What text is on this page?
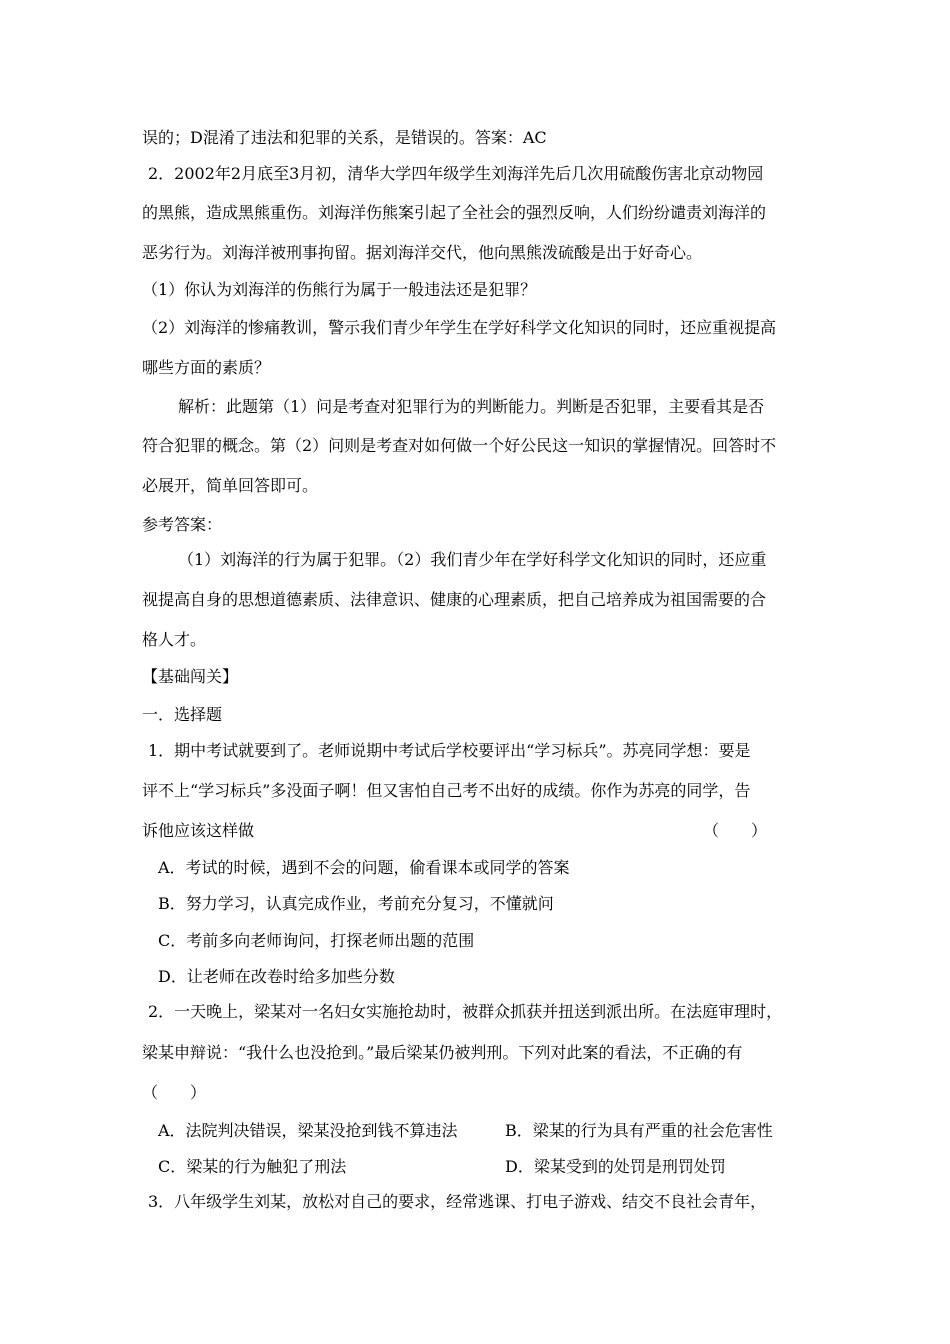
误的；D混淆了违法和犯罪的关系，是错误的。答案：AC
2．2002年2月底至3月初，清华大学四年级学生刘海洋先后几次用硫酸伤害北京动物园
的黑熊，造成黑熊重伤。刘海洋伤熊案引起了全社会的强烈反响，人们纷纷谴责刘海洋的
恶劣行为。刘海洋被刑事拘留。据刘海洋交代，他向黑熊泼硫酸是出于好奇心。
（1）你认为刘海洋的伤熊行为属于一般违法还是犯罪？
（2）刘海洋的惨痛教训，警示我们青少年学生在学好科学文化知识的同时，还应重视提高
哪些方面的素质？
解析：此题第（1）问是考查对犯罪行为的判断能力。判断是否犯罪，主要看其是否
符合犯罪的概念。第（2）问则是考查对如何做一个好公民这一知识的掌握情况。回答时不
必展开，简单回答即可。
参考答案：
（1）刘海洋的行为属于犯罪。（2）我们青少年在学好科学文化知识的同时，还应重
视提高自身的思想道德素质、法律意识、健康的心理素质，把自己培养成为祖国需要的合
格人才。
【基础闯关】
一．选择题
1．期中考试就要到了。老师说期中考试后学校要评出“学习标兵”。苏亮同学想：要是
评不上“学习标兵”多没面子啊！但又害怕自己考不出好的成绩。你作为苏亮的同学，告
诉他应该这样做	（　　）
A．考试的时候，遇到不会的问题，偷看课本或同学的答案
B．努力学习，认真完成作业，考前充分复习，不懂就问
C．考前多向老师询问，打探老师出题的范围
D．让老师在改卷时给多加些分数
2．一天晚上，梁某对一名妇女实施抢劫时，被群众抓获并扭送到派出所。在法庭审理时，
梁某申辩说：“我什么也没抢到。”最后梁某仍被判刑。下列对此案的看法，不正确的有
（　　）
A．法院判决错误，梁某没抢到钱不算违法	B．梁某的行为具有严重的社会危害性
C．梁某的行为触犯了刑法	D．梁某受到的处罚是刑罚处罚
3．八年级学生刘某，放松对自己的要求，经常逃课、打电子游戏、结交不良社会青年，
